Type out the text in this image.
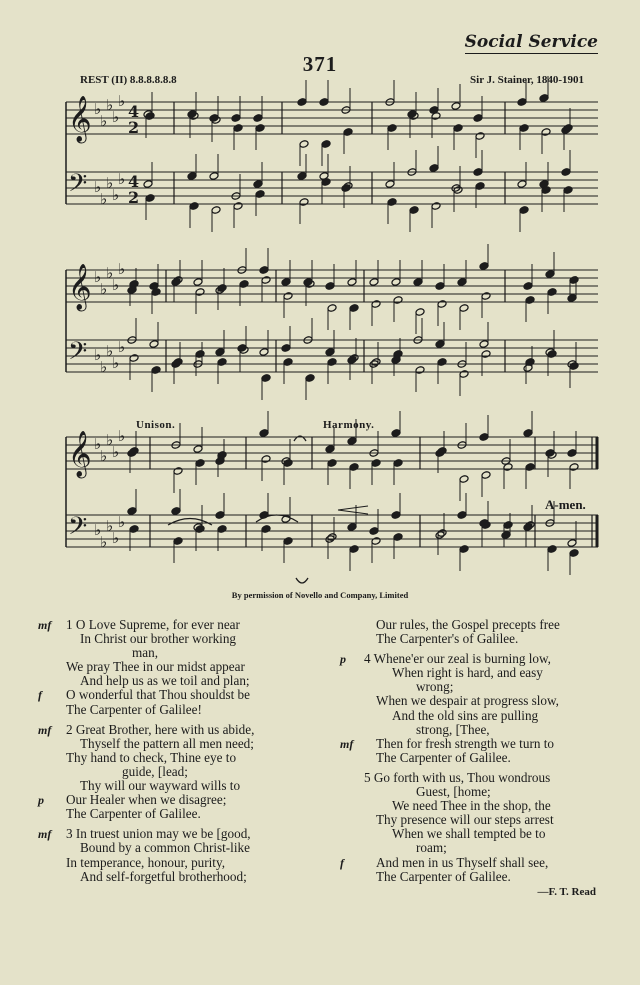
Social Service
371
REST (II) 8.8.8.8.8.8	Sir J. Stainer, 1840-1901
𝄞 ♭
♭
♭
♭
♭
4
2
𝄢 ♭
♭
♭
♭
♭ 4
2
𝄞 ♭
♭
♭
♭
♭
𝄢 ♭
♭
♭
♭
♭
𝄞 ♭
♭
♭
♭
♭
𝄢 ♭
♭
♭
♭
♭
Unison.	Harmony.
A-men.
By permission of Novello and Company, Limited
mf 1 O Love Supreme, for ever near
In Christ our brother working
man,
We pray Thee in our midst appear
And help us as we toil and plan;
f O wonderful that Thou shouldst be
The Carpenter of Galilee!
mf 2 Great Brother, here with us abide,
Thyself the pattern all men need;
Thy hand to check, Thine eye to
guide, [lead;
Thy will our wayward wills to
p Our Healer when we disagree;
The Carpenter of Galilee.
mf 3 In truest union may we be [good,
Bound by a common Christ-like
In temperance, honour, purity,
And self-forgetful brotherhood;
Our rules, the Gospel precepts free
The Carpenter's of Galilee.
p 4 Whene'er our zeal is burning low,
When right is hard, and easy
wrong;
When we despair at progress slow,
And the old sins are pulling
strong, [Thee,
mf Then for fresh strength we turn to
The Carpenter of Galilee.
5 Go forth with us, Thou wondrous
Guest, [home;
We need Thee in the shop, the
Thy presence will our steps arrest
When we shall tempted be to
roam;
f And men in us Thyself shall see,
The Carpenter of Galilee.
—F. T. Read
